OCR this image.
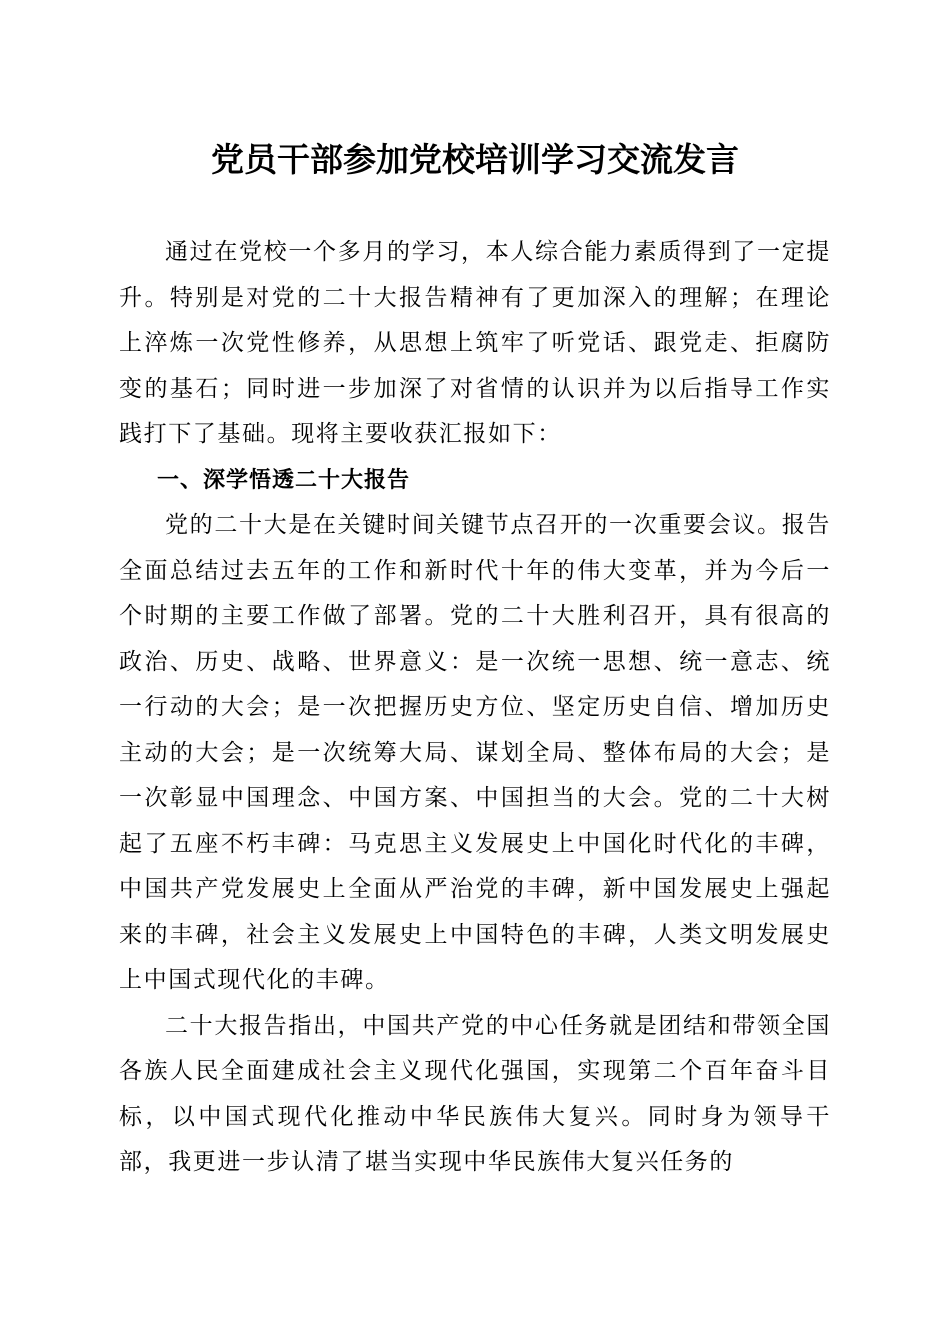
党员干部参加党校培训学习交流发言

通过在党校一个多月的学习，本人综合能力素质得到了一定提升。特别是对党的二十大报告精神有了更加深入的理解；在理论上淬炼一次党性修养，从思想上筑牢了听党话、跟党走、拒腐防变的基石；同时进一步加深了对省情的认识并为以后指导工作实践打下了基础。现将主要收获汇报如下：

一、深学悟透二十大报告

党的二十大是在关键时间关键节点召开的一次重要会议。报告全面总结过去五年的工作和新时代十年的伟大变革，并为今后一个时期的主要工作做了部署。党的二十大胜利召开，具有很高的政治、历史、战略、世界意义：是一次统一思想、统一意志、统一行动的大会；是一次把握历史方位、坚定历史自信、增加历史主动的大会；是一次统筹大局、谋划全局、整体布局的大会；是一次彰显中国理念、中国方案、中国担当的大会。党的二十大树起了五座不朽丰碑：马克思主义发展史上中国化时代化的丰碑，中国共产党发展史上全面从严治党的丰碑，新中国发展史上强起来的丰碑，社会主义发展史上中国特色的丰碑，人类文明发展史上中国式现代化的丰碑。

二十大报告指出，中国共产党的中心任务就是团结和带领全国各族人民全面建成社会主义现代化强国，实现第二个百年奋斗目标，以中国式现代化推动中华民族伟大复兴。同时身为领导干部，我更进一步认清了堪当实现中华民族伟大复兴任务的
